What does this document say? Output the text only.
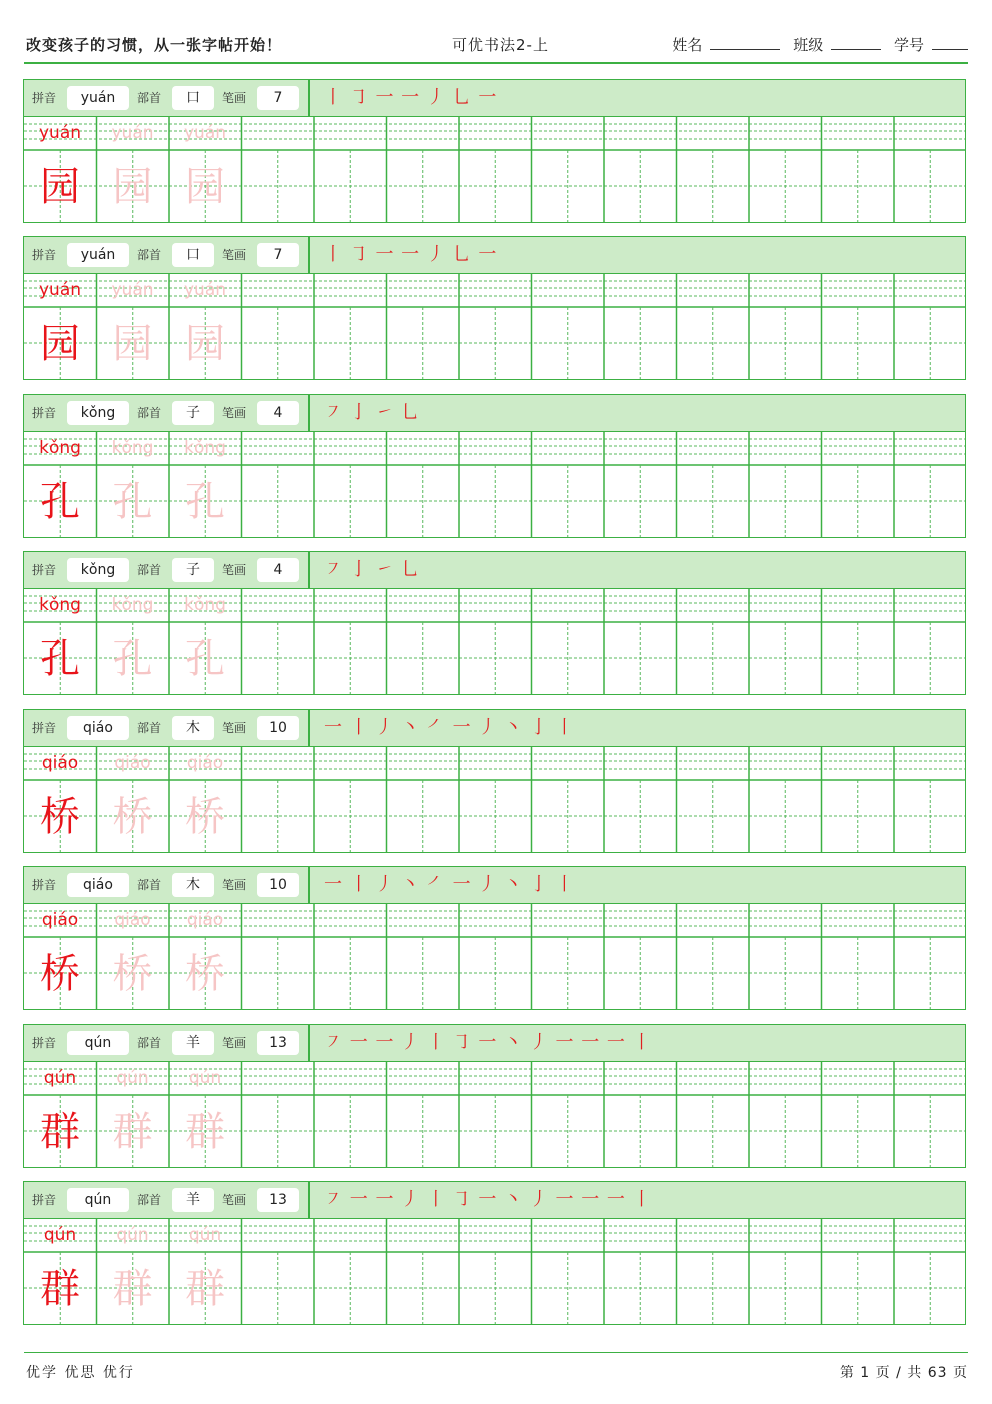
改变孩子的习惯，从一张字帖开始！	可优书法2-上	姓名	班级	学号
拼音	yuán	部首	口	笔画	7	丨 ㇆ 一 一 丿 乚 一
yuán
园
yuán
园
yuán
园
拼音	yuán	部首	口	笔画	7	丨 ㇆ 一 一 丿 乚 一
yuán
园
yuán
园
yuán
园
拼音	kǒng	部首	子	笔画	4	㇇ 亅 ㇀ 乚
kǒng
孔
kǒng
孔
kǒng
孔
拼音	kǒng	部首	子	笔画	4	㇇ 亅 ㇀ 乚
kǒng
孔
kǒng
孔
kǒng
孔
拼音	qiáo	部首	木	笔画	10	一 丨 丿 丶 ㇒ 一 丿 丶 亅 丨
qiáo
桥
qiáo
桥
qiáo
桥
拼音	qiáo	部首	木	笔画	10	一 丨 丿 丶 ㇒ 一 丿 丶 亅 丨
qiáo
桥
qiáo
桥
qiáo
桥
拼音	qún	部首	羊	笔画	13	㇇ 一 一 丿 丨 ㇆ 一 丶 丿 一 一 一 丨
qún
群
qún
群
qún
群
拼音	qún	部首	羊	笔画	13	㇇ 一 一 丿 丨 ㇆ 一 丶 丿 一 一 一 丨
qún
群
qún
群
qún
群
优学 优思 优行	第 1 页 / 共 63 页
